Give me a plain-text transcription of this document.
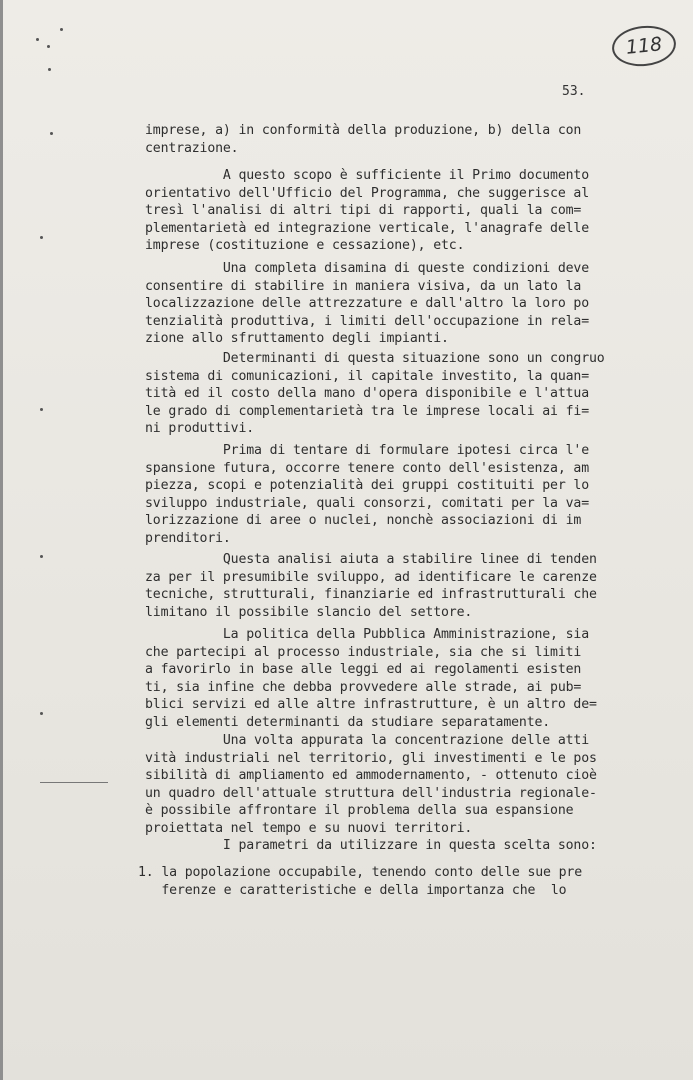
118
53.
imprese, a) in conformità della produzione, b) della con
centrazione.
A questo scopo è sufficiente il Primo documento
orientativo dell'Ufficio del Programma, che suggerisce al
tresì l'analisi di altri tipi di rapporti, quali la com=
plementarietà ed integrazione verticale, l'anagrafe delle
imprese (costituzione e cessazione), etc.
Una completa disamina di queste condizioni deve
consentire di stabilire in maniera visiva, da un lato la
localizzazione delle attrezzature e dall'altro la loro po
tenzialità produttiva, i limiti dell'occupazione in rela=
zione allo sfruttamento degli impianti.
Determinanti di questa situazione sono un congruo
sistema di comunicazioni, il capitale investito, la quan=
tità ed il costo della mano d'opera disponibile e l'attua
le grado di complementarietà tra le imprese locali ai fi=
ni produttivi.
Prima di tentare di formulare ipotesi circa l'e
spansione futura, occorre tenere conto dell'esistenza, am
piezza, scopi e potenzialità dei gruppi costituiti per lo
sviluppo industriale, quali consorzi, comitati per la va=
lorizzazione di aree o nuclei, nonchè associazioni di im
prenditori.
Questa analisi aiuta a stabilire linee di tenden
za per il presumibile sviluppo, ad identificare le carenze
tecniche, strutturali, finanziarie ed infrastrutturali che
limitano il possibile slancio del settore.
La politica della Pubblica Amministrazione, sia
che partecipi al processo industriale, sia che si limiti
a favorirlo in base alle leggi ed ai regolamenti esisten
ti, sia infine che debba provvedere alle strade, ai pub=
blici servizi ed alle altre infrastrutture, è un altro de=
gli elementi determinanti da studiare separatamente.
Una volta appurata la concentrazione delle atti
vità industriali nel territorio, gli investimenti e le pos
sibilità di ampliamento ed ammodernamento, - ottenuto cioè
un quadro dell'attuale struttura dell'industria regionale-
è possibile affrontare il problema della sua espansione
proiettata nel tempo e su nuovi territori.
I parametri da utilizzare in questa scelta sono:
1. la popolazione occupabile, tenendo conto delle sue pre
ferenze e caratteristiche e della importanza che  lo
